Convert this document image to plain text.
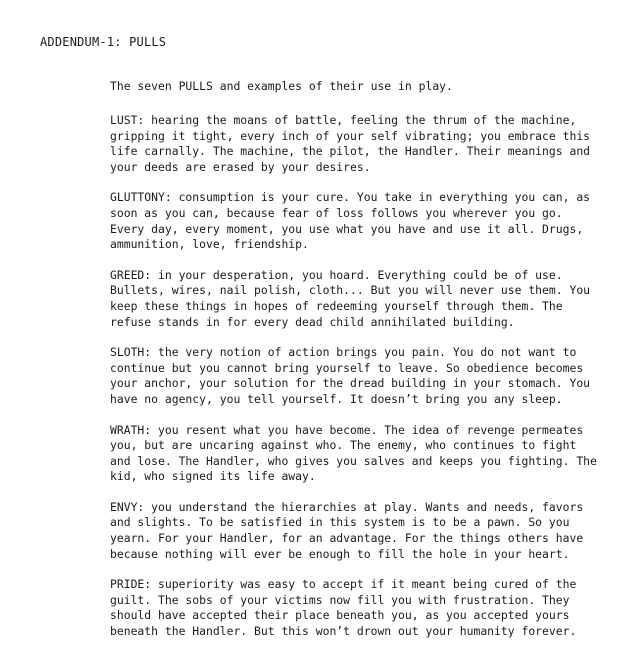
ADDENDUM-1: PULLS

The seven PULLS and examples of their use in play.

LUST: hearing the moans of battle, feeling the thrum of the machine,
gripping it tight, every inch of your self vibrating; you embrace this
life carnally. The machine, the pilot, the Handler. Their meanings and
your deeds are erased by your desires.

GLUTTONY: consumption is your cure. You take in everything you can, as
soon as you can, because fear of loss follows you wherever you go.
Every day, every moment, you use what you have and use it all. Drugs,
ammunition, love, friendship.

GREED: in your desperation, you hoard. Everything could be of use.
Bullets, wires, nail polish, cloth... But you will never use them. You
keep these things in hopes of redeeming yourself through them. The
refuse stands in for every dead child annihilated building.

SLOTH: the very notion of action brings you pain. You do not want to
continue but you cannot bring yourself to leave. So obedience becomes
your anchor, your solution for the dread building in your stomach. You
have no agency, you tell yourself. It doesn’t bring you any sleep.

WRATH: you resent what you have become. The idea of revenge permeates
you, but are uncaring against who. The enemy, who continues to fight
and lose. The Handler, who gives you salves and keeps you fighting. The
kid, who signed its life away.

ENVY: you understand the hierarchies at play. Wants and needs, favors
and slights. To be satisfied in this system is to be a pawn. So you
yearn. For your Handler, for an advantage. For the things others have
because nothing will ever be enough to fill the hole in your heart.

PRIDE: superiority was easy to accept if it meant being cured of the
guilt. The sobs of your victims now fill you with frustration. They
should have accepted their place beneath you, as you accepted yours
beneath the Handler. But this won’t drown out your humanity forever.
